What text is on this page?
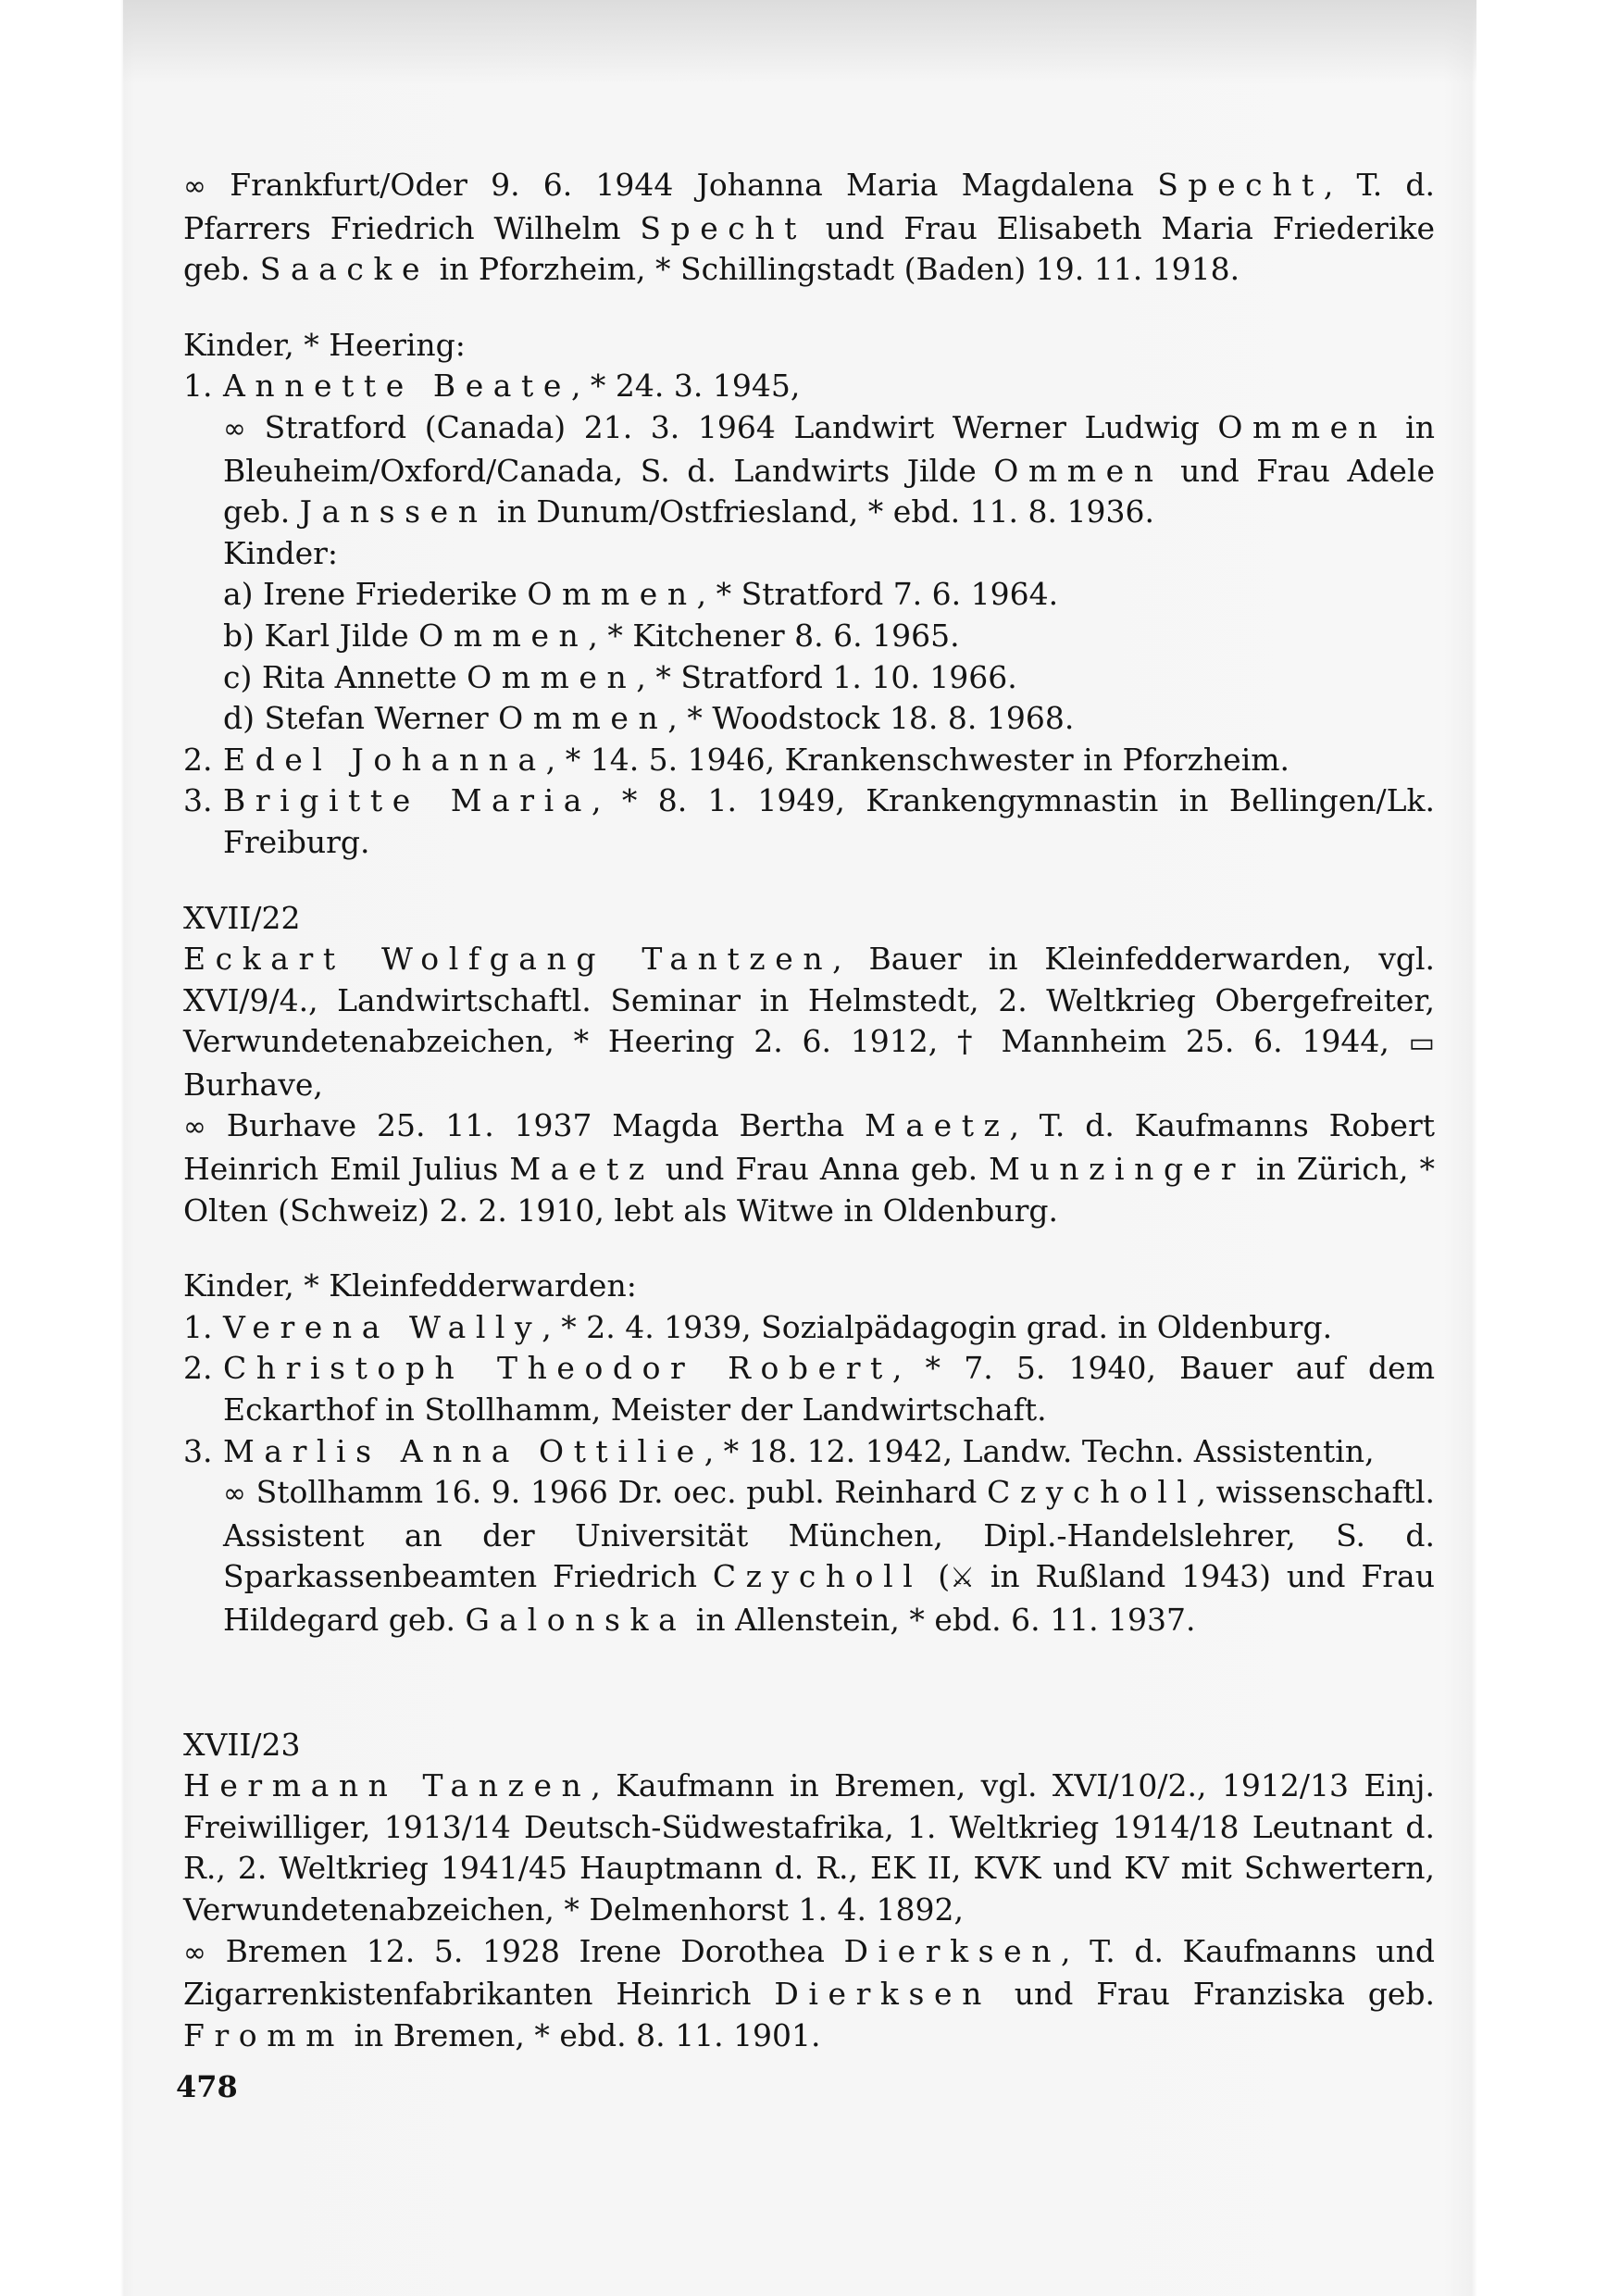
∞ Frankfurt/Oder 9. 6. 1944 Johanna Maria Magdalena Specht, T. d. Pfarrers Friedrich Wilhelm Specht und Frau Elisabeth Maria Friederike geb. Saacke in Pforzheim, * Schillingstadt (Baden) 19. 11. 1918.

Kinder, * Heering:

1. Annette Beate, * 24. 3. 1945,

∞ Stratford (Canada) 21. 3. 1964 Landwirt Werner Ludwig Ommen in Bleuheim/Oxford/Canada, S. d. Landwirts Jilde Ommen und Frau Adele geb. Janssen in Dunum/Ostfriesland, * ebd. 11. 8. 1936.

Kinder:
a) Irene Friederike Ommen, * Stratford 7. 6. 1964.
b) Karl Jilde Ommen, * Kitchener 8. 6. 1965.
c) Rita Annette Ommen, * Stratford 1. 10. 1966.
d) Stefan Werner Ommen, * Woodstock 18. 8. 1968.
2. Edel Johanna, * 14. 5. 1946, Krankenschwester in Pforzheim.
3. Brigitte Maria, * 8. 1. 1949, Krankengymnastin in Bellingen/Lk. Freiburg.
XVII/22

Eckart Wolfgang Tantzen, Bauer in Kleinfedderwarden, vgl. XVI/9/4., Landwirtschaftl. Seminar in Helmstedt, 2. Weltkrieg Obergefreiter, Verwundetenabzeichen, * Heering 2. 6. 1912, † Mannheim 25. 6. 1944, ▭ Burhave,
∞ Burhave 25. 11. 1937 Magda Bertha Maetz, T. d. Kaufmanns Robert Heinrich Emil Julius Maetz und Frau Anna geb. Munzinger in Zürich, * Olten (Schweiz) 2. 2. 1910, lebt als Witwe in Oldenburg.

Kinder, * Kleinfedderwarden:

1. Verena Wally, * 2. 4. 1939, Sozialpädagogin grad. in Oldenburg.
2. Christoph Theodor Robert, * 7. 5. 1940, Bauer auf dem Eckarthof in Stollhamm, Meister der Landwirtschaft.
3. Marlis Anna Ottilie, * 18. 12. 1942, Landw. Techn. Assistentin,

∞ Stollhamm 16. 9. 1966 Dr. oec. publ. Reinhard Czycholl, wissenschaftl. Assistent an der Universität München, Dipl.-Handelslehrer, S. d. Sparkassenbeamten Friedrich Czycholl (⚔ in Rußland 1943) und Frau Hildegard geb. Galonska in Allenstein, * ebd. 6. 11. 1937.

XVII/23

Hermann Tanzen, Kaufmann in Bremen, vgl. XVI/10/2., 1912/13 Einj. Freiwilliger, 1913/14 Deutsch-Südwestafrika, 1. Weltkrieg 1914/18 Leutnant d. R., 2. Weltkrieg 1941/45 Hauptmann d. R., EK II, KVK und KV mit Schwertern, Verwundetenabzeichen, * Delmenhorst 1. 4. 1892,
∞ Bremen 12. 5. 1928 Irene Dorothea Dierksen, T. d. Kaufmanns und Zigarrenkistenfabrikanten Heinrich Dierksen und Frau Franziska geb. Fromm in Bremen, * ebd. 8. 11. 1901.

478
